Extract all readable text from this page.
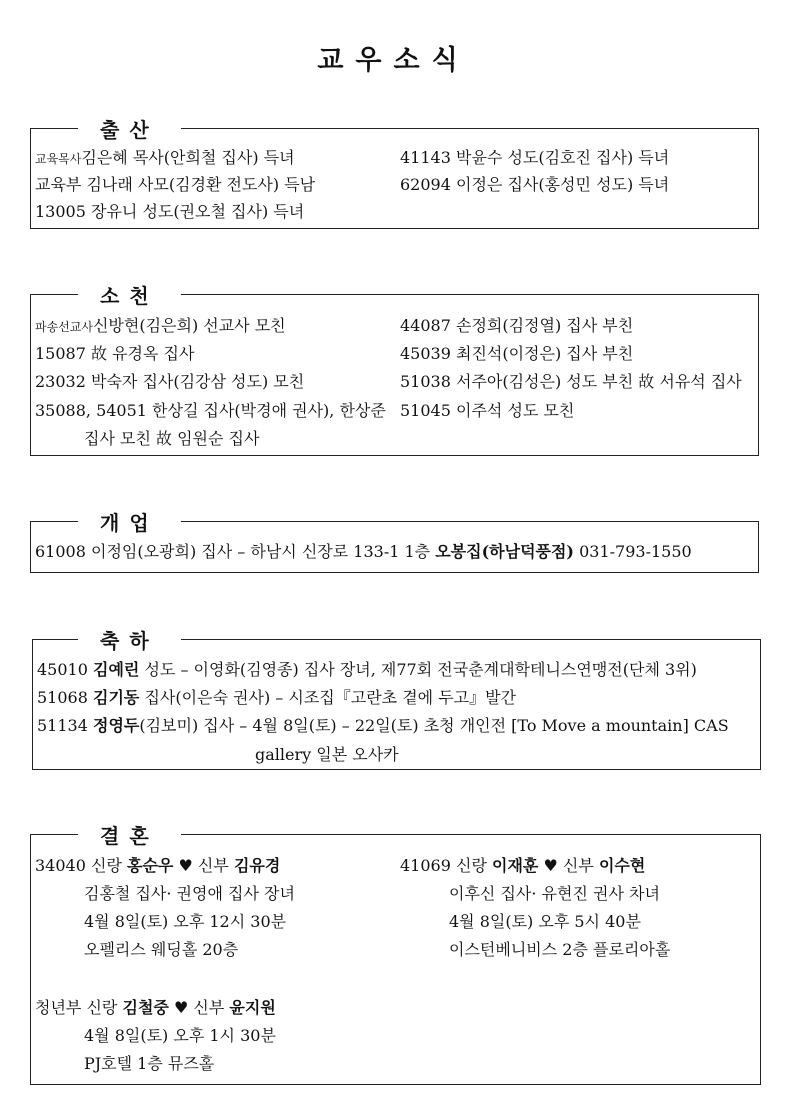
교우소식
출산
교육목사김은혜 목사(안희철 집사) 득녀
교육부 김나래 사모(김경환 전도사) 득남
13005 장유니 성도(권오철 집사) 득녀
41143 박윤수 성도(김호진 집사) 득녀
62094 이정은 집사(홍성민 성도) 득녀
소천
파송선교사신방현(김은희) 선교사 모친
15087 故 유경옥 집사
23032 박숙자 집사(김강삼 성도) 모친
35088, 54051 한상길 집사(박경애 권사), 한상준
집사 모친 故 임원순 집사
44087 손정희(김정열) 집사 부친
45039 최진석(이정은) 집사 부친
51038 서주아(김성은) 성도 부친 故 서유석 집사
51045 이주석 성도 모친
개업
61008 이정임(오광희) 집사 – 하남시 신장로 133-1 1층 오봉집(하남덕풍점) 031-793-1550
축하
45010 김예린 성도 – 이영화(김영종) 집사 장녀, 제77회 전국춘계대학테니스연맹전(단체 3위)
51068 김기동 집사(이은숙 권사) – 시조집『고란초 곁에 두고』발간
51134 정영두(김보미) 집사 – 4월 8일(토) – 22일(토) 초청 개인전 [To Move a mountain] CAS
gallery 일본 오사카
결혼
34040 신랑 홍순우 ♥ 신부 김유경
김홍철 집사· 권영애 집사 장녀
4월 8일(토) 오후 12시 30분
오펠리스 웨딩홀 20층
41069 신랑 이재훈 ♥ 신부 이수현
이후신 집사· 유현진 권사 차녀
4월 8일(토) 오후 5시 40분
이스턴베니비스 2층 플로리아홀
청년부 신랑 김철중 ♥ 신부 윤지원
4월 8일(토) 오후 1시 30분
PJ호텔 1층 뮤즈홀
